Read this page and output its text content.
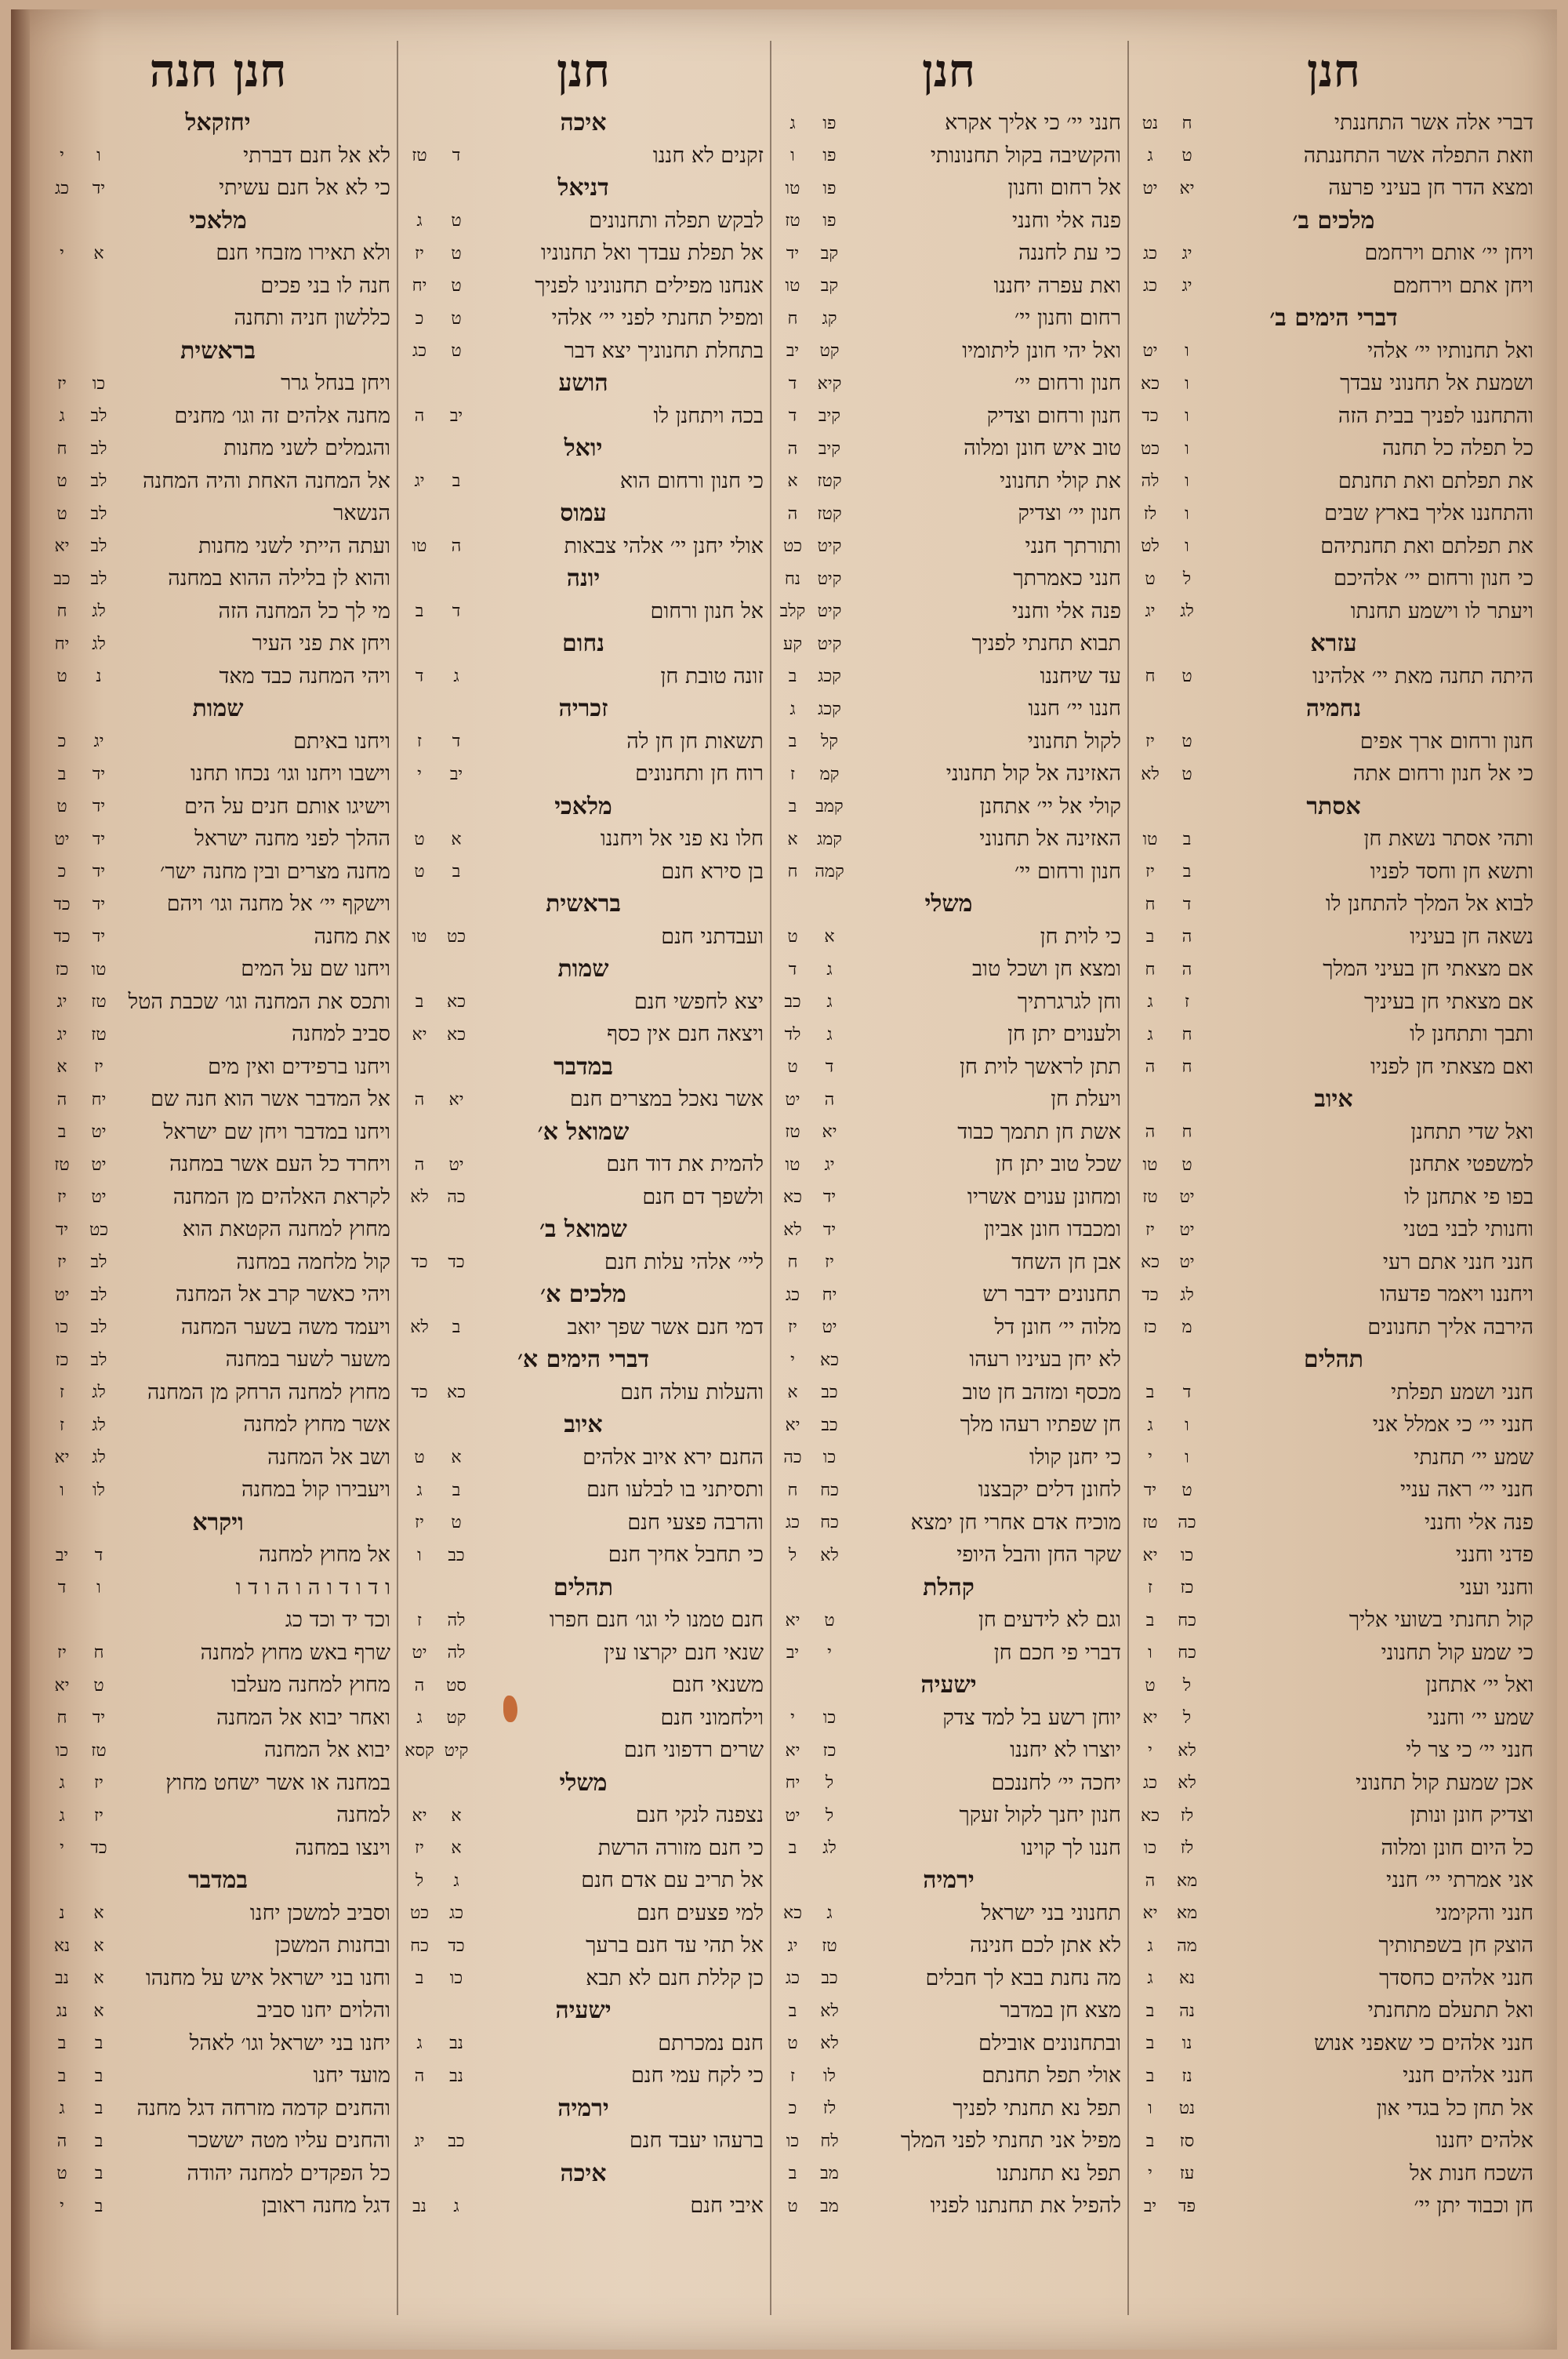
חנן חנה
יחזקאל
לא אל חנם דברתי
ו
י
כי לא אל חנם עשיתי
יד
כג
מלאכי
ולא תאירו מזבחי חנם
א
י
חנה לו בני פכים
כללשון חניה ותחנה
בראשית
ויחן בנחל גרר
כו
יז
מחנה אלהים זה וגו׳ מחנים
לב
ג
והגמלים לשני מחנות
לב
ח
אל המחנה האחת והיה המחנה
לב
ט
הנשאר
לב
ט
ועתה הייתי לשני מחנות
לב
יא
והוא לן בלילה ההוא במחנה
לב
כב
מי לך כל המחנה הזה
לג
ח
ויחן את פני העיר
לג
יח
ויהי המחנה כבד מאד
נ
ט
שמות
ויחנו באיתם
יג
כ
וישבו ויחנו וגו׳ נכחו תחנו
יד
ב
וישיגו אותם חנים על הים
יד
ט
ההלך לפני מחנה ישראל
יד
יט
מחנה מצרים ובין מחנה ישר׳
יד
כ
וישקף יי׳ אל מחנה וגו׳ ויהם
יד
כד
את מחנה
יד
כד
ויחנו שם על המים
טו
כז
ותכס את המחנה וגו׳ שכבת הטל
טז
יג
סביב למחנה
טז
יג
ויחנו ברפידים ואין מים
יז
א
אל המדבר אשר הוא חנה שם
יח
ה
ויחנו במדבר ויחן שם ישראל
יט
ב
ויחרד כל העם אשר במחנה
יט
טז
לקראת האלהים מן המחנה
יט
יז
מחוץ למחנה הקטאת הוא
כט
יד
קול מלחמה במחנה
לב
יז
ויהי כאשר קרב אל המחנה
לב
יט
ויעמד משה בשער המחנה
לב
כו
משער לשער במחנה
לב
כז
מחוץ למחנה הרחק מן המחנה
לג
ז
אשר מחוץ למחנה
לג
ז
ושב אל המחנה
לג
יא
ויעבירו קול במחנה
לו
ו
ויקרא
אל מחוץ למחנה
ד
יב
ו ד ו ד ו ה ו ה ו ד ו
ו
ד
וכד יד וכד כג
שרף באש מחוץ למחנה
ח
יז
מחוץ למחנה מעלבו
ט
יא
ואחר יבוא אל המחנה
יד
ח
יבוא אל המחנה
טז
כו
במחנה או אשר ישחט מחוץ
יז
ג
למחנה
יז
ג
וינצו במחנה
כד
י
במדבר
וסביב למשכן יחנו
א
נ
ובחנות המשכן
א
נא
וחנו בני ישראל איש על מחנהו
א
נב
והלוים יחנו סביב
א
נג
יחנו בני ישראל וגו׳ לאהל
ב
ב
מועד יחנו
ב
ב
והחנים קדמה מזרחה דגל מחנה
ב
ג
והחנים עליו מטה יששכר
ב
ה
כל הפקדים למחנה יהודה
ב
ט
דגל מחנה ראובן
ב
י
חנן
איכה
זקנים לא חננו
ד
טז
דניאל
לבקש תפלה ותחנונים
ט
ג
אל תפלת עבדך ואל תחנוניו
ט
יז
אנחנו מפילים תחנונינו לפניך
ט
יח
ומפיל תחנתי לפני יי׳ אלהי
ט
כ
בתחלת תחנוניך יצא דבר
ט
כג
הושע
בכה ויתחנן לו
יב
ה
יואל
כי חנון ורחום הוא
ב
יג
עמוס
אולי יחנן יי׳ אלהי צבאות
ה
טו
יונה
אל חנון ורחום
ד
ב
נחום
זונה טובת חן
ג
ד
זכריה
תשאות חן חן לה
ד
ז
רוח חן ותחנונים
יב
י
מלאכי
חלו נא פני אל ויחננו
א
ט
בן סירא חנם
ב
ט
בראשית
ועבדתני חנם
כט
טו
שמות
יצא לחפשי חנם
כא
ב
ויצאה חנם אין כסף
כא
יא
במדבר
אשר נאכל במצרים חנם
יא
ה
שמואל א׳
להמית את דוד חנם
יט
ה
ולשפך דם חנם
כה
לא
שמואל ב׳
ליי׳ אלהי עלות חנם
כד
כד
מלכים א׳
דמי חנם אשר שפך יואב
ב
לא
דברי הימים א׳
והעלות עולה חנם
כא
כד
איוב
החנם ירא איוב אלהים
א
ט
ותסיתני בו לבלעו חנם
ב
ג
והרבה פצעי חנם
ט
יז
כי תחבל אחיך חנם
כב
ו
תהלים
חנם טמנו לי וגו׳ חנם חפרו
לה
ז
שנאי חנם יקרצו עין
לה
יט
משנאי חנם
סט
ה
וילחמוני חנם
קט
ג
שרים רדפוני חנם
קיט
קסא
משלי
נצפנה לנקי חנם
א
יא
כי חנם מזורה הרשת
א
יז
אל תריב עם אדם חנם
ג
ל
למי פצעים חנם
כג
כט
אל תהי עד חנם ברעך
כד
כח
כן קללת חנם לא תבא
כו
ב
ישעיה
חנם נמכרתם
נב
ג
כי לקח עמי חנם
נב
ה
ירמיה
ברעהו יעבד חנם
כב
יג
איכה
איבי חנם
ג
נב
חנן
חנני יי׳ כי אליך אקרא
פו
ג
והקשיבה בקול תחנונותי
פו
ו
אל רחום וחנון
פו
טו
פנה אלי וחנני
פו
טז
כי עת לחננה
קב
יד
ואת עפרה יחננו
קב
טו
רחום וחנון יי׳
קג
ח
ואל יהי חונן ליתומיו
קט
יב
חנון ורחום יי׳
קיא
ד
חנון ורחום וצדיק
קיב
ד
טוב איש חונן ומלוה
קיב
ה
את קולי תחנוני
קטז
א
חנון יי׳ וצדיק
קטז
ה
ותורתך חנני
קיט
כט
חנני כאמרתך
קיט
נח
פנה אלי וחנני
קיט
קלב
תבוא תחנתי לפניך
קיט
קע
עד שיחננו
קכג
ב
חננו יי׳ חננו
קכג
ג
לקול תחנוני
קל
ב
האזינה אל קול תחנוני
קמ
ז
קולי אל יי׳ אתחנן
קמב
ב
האזינה אל תחנוני
קמג
א
חנון ורחום יי׳
קמה
ח
משלי
כי לוית חן
א
ט
ומצא חן ושכל טוב
ג
ד
וחן לגרגרתיך
ג
כב
ולענוים יתן חן
ג
לד
תתן לראשך לוית חן
ד
ט
ויעלת חן
ה
יט
אשת חן תתמך כבוד
יא
טז
שכל טוב יתן חן
יג
טו
ומחונן ענוים אשריו
יד
כא
ומכבדו חונן אביון
יד
לא
אבן חן השחד
יז
ח
תחנונים ידבר רש
יח
כג
מלוה יי׳ חונן דל
יט
יז
לא יחן בעיניו רעהו
כא
י
מכסף ומזהב חן טוב
כב
א
חן שפתיו רעהו מלך
כב
יא
כי יחנן קולו
כו
כה
לחונן דלים יקבצנו
כח
ח
מוכיח אדם אחרי חן ימצא
כח
כג
שקר החן והבל היופי
לא
ל
קהלת
וגם לא לידעים חן
ט
יא
דברי פי חכם חן
י
יב
ישעיה
יוחן רשע בל למד צדק
כו
י
יוצרו לא יחננו
כז
יא
יחכה יי׳ לחננכם
ל
יח
חנון יחנך לקול זעקך
ל
יט
חננו לך קוינו
לג
ב
ירמיה
תחנוני בני ישראל
ג
כא
לא אתן לכם חנינה
טז
יג
מה נחנת בבא לך חבלים
כב
כג
מצא חן במדבר
לא
ב
ובתחנונים אובילם
לא
ט
אולי תפל תחנתם
לו
ז
תפל נא תחנתי לפניך
לז
כ
מפיל אני תחנתי לפני המלך
לח
כו
תפל נא תחנתנו
מב
ב
להפיל את תחנתנו לפניו
מב
ט
חנן
דברי אלה אשר התחננתי
ח
נט
וזאת התפלה אשר התחננתה
ט
ג
ומצא הדר חן בעיני פרעה
יא
יט
מלכים ב׳
ויחן יי׳ אותם וירחמם
יג
כג
ויחן אתם וירחמם
יג
כג
דברי הימים ב׳
ואל תחנותיו יי׳ אלהי
ו
יט
ושמעת אל תחנוני עבדך
ו
כא
והתחננו לפניך בבית הזה
ו
כד
כל תפלה כל תחנה
ו
כט
את תפלתם ואת תחנתם
ו
לה
והתחננו אליך בארץ שבים
ו
לז
את תפלתם ואת תחנתיהם
ו
לט
כי חנון ורחום יי׳ אלהיכם
ל
ט
ויעתר לו וישמע תחנתו
לג
יג
עזרא
היתה תחנה מאת יי׳ אלהינו
ט
ח
נחמיה
חנון ורחום ארך אפים
ט
יז
כי אל חנון ורחום אתה
ט
לא
אסתר
ותהי אסתר נשאת חן
ב
טו
ותשא חן וחסד לפניו
ב
יז
לבוא אל המלך להתחנן לו
ד
ח
נשאה חן בעיניו
ה
ב
אם מצאתי חן בעיני המלך
ה
ח
אם מצאתי חן בעיניך
ז
ג
ותבך ותתחנן לו
ח
ג
ואם מצאתי חן לפניו
ח
ה
איוב
ואל שדי תתחנן
ח
ה
למשפטי אתחנן
ט
טו
בפו פי אתחנן לו
יט
טז
וחנותי לבני בטני
יט
יז
חנני חנני אתם רעי
יט
כא
ויחננו ויאמר פדעהו
לג
כד
הירבה אליך תחנונים
מ
כז
תהלים
חנני ושמע תפלתי
ד
ב
חנני יי׳ כי אמלל אני
ו
ג
שמע יי׳ תחנתי
ו
י
חנני יי׳ ראה עניי
ט
יד
פנה אלי וחנני
כה
טז
פדני וחנני
כו
יא
וחנני ועני
כז
ז
קול תחנתי בשועי אליך
כח
ב
כי שמע קול תחנוני
כח
ו
ואל יי׳ אתחנן
ל
ט
שמע יי׳ וחנני
ל
יא
חנני יי׳ כי צר לי
לא
י
אכן שמעת קול תחנוני
לא
כג
וצדיק חונן ונותן
לז
כא
כל היום חונן ומלוה
לז
כו
אני אמרתי יי׳ חנני
מא
ה
חנני והקימני
מא
יא
הוצק חן בשפתותיך
מה
ג
חנני אלהים כחסדך
נא
ג
ואל תתעלם מתחנתי
נה
ב
חנני אלהים כי שאפני אנוש
נו
ב
חנני אלהים חנני
נז
ב
אל תחן כל בגדי און
נט
ו
אלהים יחננו
סז
ב
השכח חנות אל
עז
י
חן וכבוד יתן יי׳
פד
יב
